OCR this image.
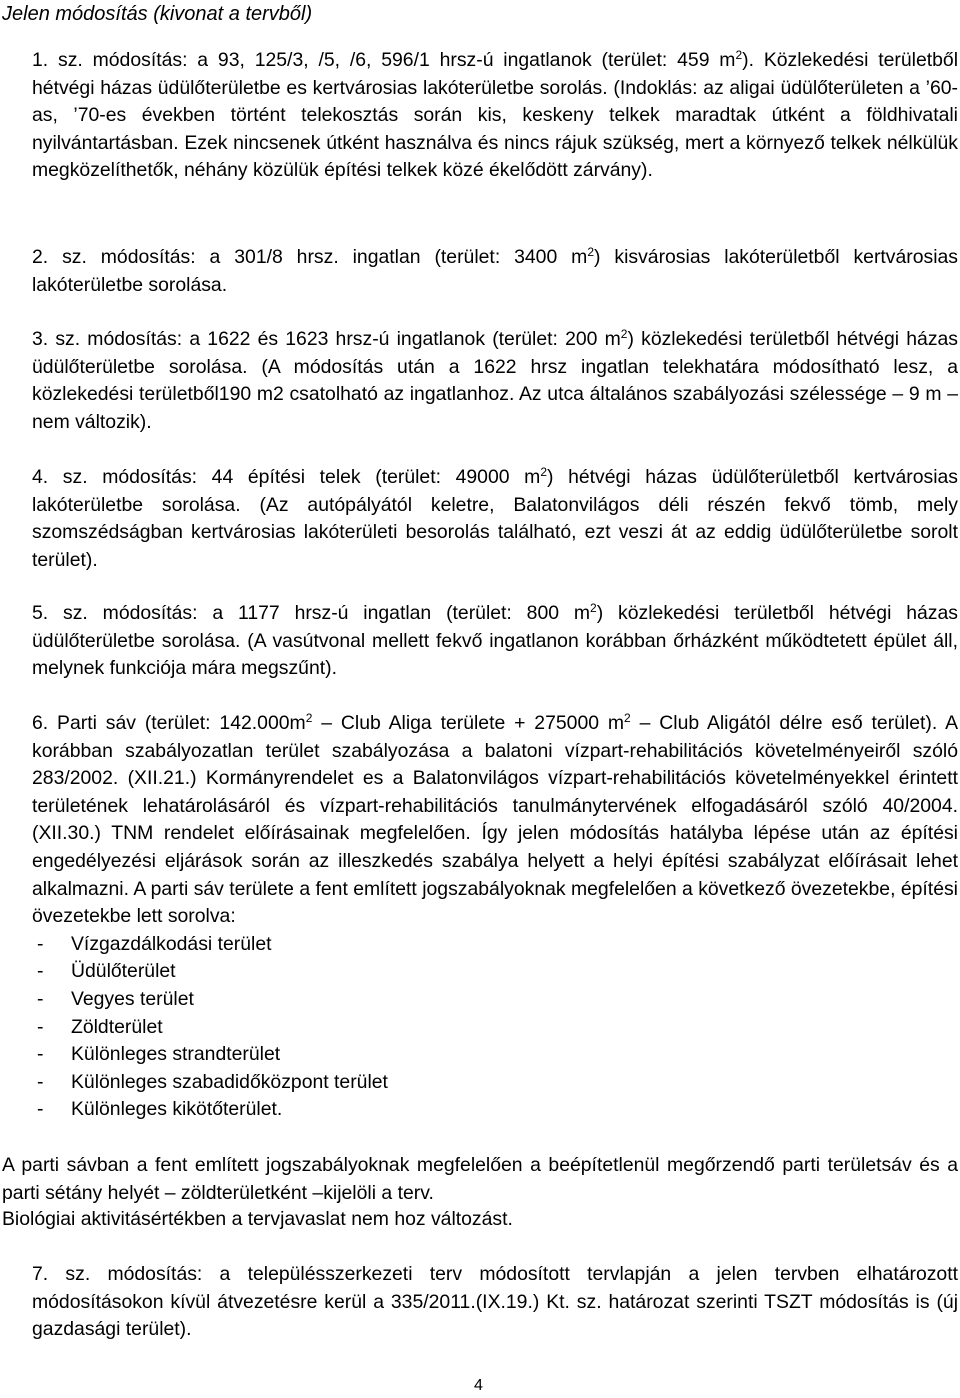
Jelen módosítás (kivonat a tervből)
1. sz. módosítás: a 93, 125/3, /5, /6, 596/1 hrsz-ú ingatlanok (terület: 459 $m^2$). Közlekedési területből hétvégi házas üdülőterületbe es kertvárosias lakóterületbe sorolás. (Indoklás: az aligai üdülőterületen a ’60-as, ’70-es években történt telekosztás során kis, keskeny telkek maradtak útként a földhivatali nyilvántartásban. Ezek nincsenek útként használva és nincs rájuk szükség, mert a környező telkek nélkülük megközelíthetők, néhány közülük építési telkek közé ékelődött zárvány).
2. sz. módosítás: a 301/8 hrsz. ingatlan (terület: 3400 $m^2$) kisvárosias lakóterületből kertvárosias lakóterületbe sorolása.
3. sz. módosítás: a 1622 és 1623 hrsz-ú ingatlanok (terület: 200 $m^2$) közlekedési területből hétvégi házas üdülőterületbe sorolása. (A módosítás után a 1622 hrsz ingatlan telekhatára módosítható lesz, a közlekedési területből190 m2 csatolható az ingatlanhoz. Az utca általános szabályozási szélessége – 9 m – nem változik).
4. sz. módosítás: 44 építési telek (terület: 49000 $m^2$) hétvégi házas üdülőterületből kertvárosias lakóterületbe sorolása. (Az autópályától keletre, Balatonvilágos déli részén fekvő tömb, mely szomszédságban kertvárosias lakóterületi besorolás található, ezt veszi át az eddig üdülőterületbe sorolt terület).
5. sz. módosítás: a 1177 hrsz-ú ingatlan (terület: 800 $m^2$) közlekedési területből hétvégi házas üdülőterületbe sorolása. (A vasútvonal mellett fekvő ingatlanon korábban őrházként működtetett épület áll, melynek funkciója mára megszűnt).
6. Parti sáv (terület: $142.000m^2$ – Club Aliga területe + 275000 $m^2$ – Club Aligától délre eső terület). A korábban szabályozatlan terület szabályozása a balatoni vízpart-rehabilitációs követelményeiről szóló 283/2002. (XII.21.) Kormányrendelet es a Balatonvilágos vízpart-rehabilitációs követelményekkel érintett területének lehatárolásáról és vízpart-rehabilitációs tanulmánytervének elfogadásáról szóló 40/2004. (XII.30.) TNM rendelet előírásainak megfelelően. Így jelen módosítás hatályba lépése után az építési engedélyezési eljárások során az illeszkedés szabálya helyett a helyi építési szabályzat előírásait lehet alkalmazni. A parti sáv területe a fent említett jogszabályoknak megfelelően a következő övezetekbe, építési övezetekbe lett sorolva:
- Vízgazdálkodási terület
- Üdülőterület
- Vegyes terület
- Zöldterület
- Különleges strandterület
- Különleges szabadidőközpont terület
- Különleges kikötőterület.
A parti sávban a fent említett jogszabályoknak megfelelően a beépítetlenül megőrzendő parti területsáv és a parti sétány helyét – zöldterületként –kijelöli a terv.
Biológiai aktivitásértékben a tervjavaslat nem hoz változást.
7. sz. módosítás: a településszerkezeti terv módosított tervlapján a jelen tervben elhatározott módosításokon kívül átvezetésre kerül a 335/2011.(IX.19.) Kt. sz. határozat szerinti TSZT módosítás is (új gazdasági terület).
4
